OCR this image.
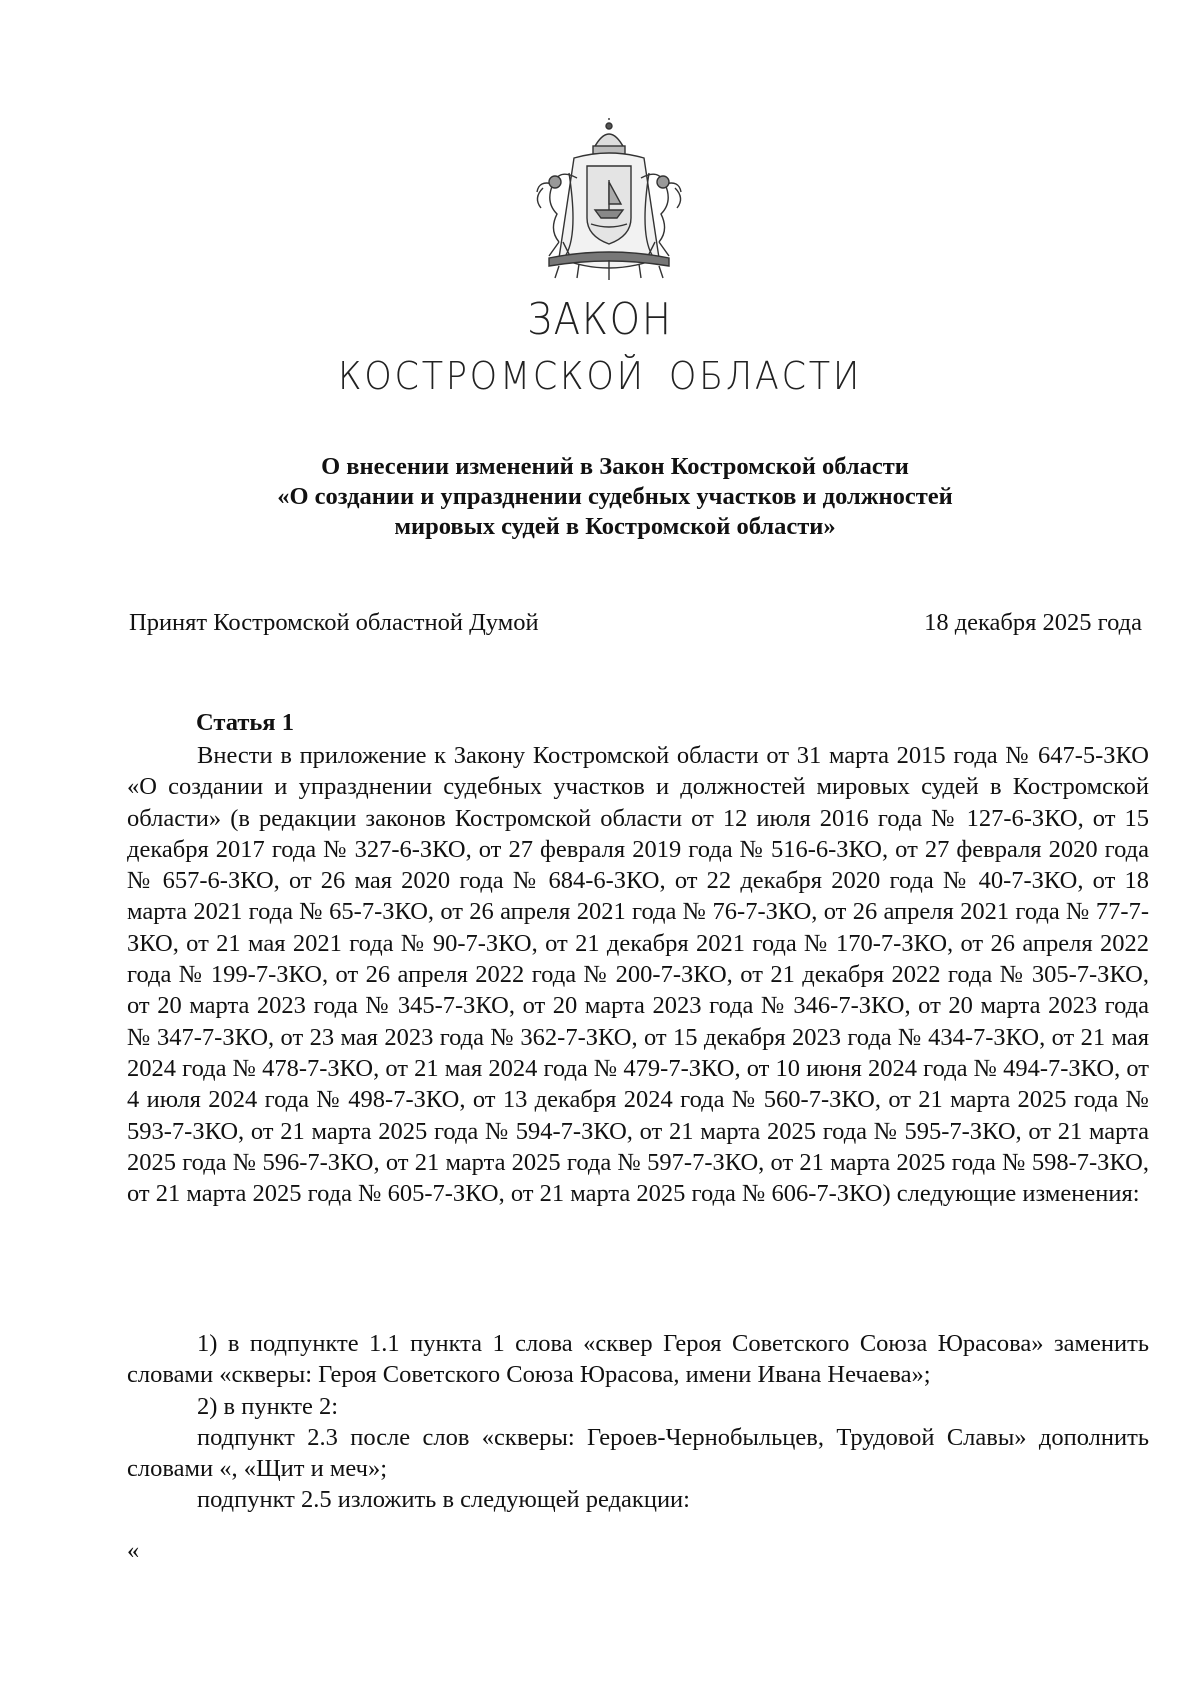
ЗАКОН
КОСТРОМСКОЙ ОБЛАСТИ
О внесении изменений в Закон Костромской области
«О создании и упразднении судебных участков и должностей
мировых судей в Костромской области»
Принят Костромской областной Думой	18 декабря 2025 года
Статья 1

Внести в приложение к Закону Костромской области от 31 марта 2015 года № 647-5-ЗКО «О создании и упразднении судебных участков и должностей мировых судей в Костромской области» (в редакции законов Костромской области от 12 июля 2016 года № 127-6-ЗКО, от 15 декабря 2017 года № 327-6-ЗКО, от 27 февраля 2019 года № 516-6-ЗКО, от 27 февраля 2020 года № 657-6-ЗКО, от 26 мая 2020 года № 684-6-ЗКО, от 22 декабря 2020 года № 40-7-ЗКО, от 18 марта 2021 года № 65-7-ЗКО, от 26 апреля 2021 года № 76-7-ЗКО, от 26 апреля 2021 года № 77-7-ЗКО, от 21 мая 2021 года № 90-7-ЗКО, от 21 декабря 2021 года № 170-7-ЗКО, от 26 апреля 2022 года № 199-7-ЗКО, от 26 апреля 2022 года № 200-7-ЗКО, от 21 декабря 2022 года № 305-7-ЗКО, от 20 марта 2023 года № 345-7-ЗКО, от 20 марта 2023 года № 346-7-ЗКО, от 20 марта 2023 года № 347-7-ЗКО, от 23 мая 2023 года № 362-7-ЗКО, от 15 декабря 2023 года № 434-7-ЗКО, от 21 мая 2024 года № 478-7-ЗКО, от 21 мая 2024 года № 479-7-ЗКО, от 10 июня 2024 года № 494-7-ЗКО, от 4 июля 2024 года № 498-7-ЗКО, от 13 декабря 2024 года № 560-7-ЗКО, от 21 марта 2025 года № 593-7-ЗКО, от 21 марта 2025 года № 594-7-ЗКО, от 21 марта 2025 года № 595-7-ЗКО, от 21 марта 2025 года № 596-7-ЗКО, от 21 марта 2025 года № 597-7-ЗКО, от 21 марта 2025 года № 598-7-ЗКО, от 21 марта 2025 года № 605-7-ЗКО, от 21 марта 2025 года № 606-7-ЗКО) следующие изменения:

1) в подпункте 1.1 пункта 1 слова «сквер Героя Советского Союза Юрасова» заменить словами «скверы: Героя Советского Союза Юрасова, имени Ивана Нечаева»;

2) в пункте 2:

подпункт 2.3 после слов «скверы: Героев-Чернобыльцев, Трудовой Славы» дополнить словами «, «Щит и меч»;

подпункт 2.5 изложить в следующей редакции:

«
